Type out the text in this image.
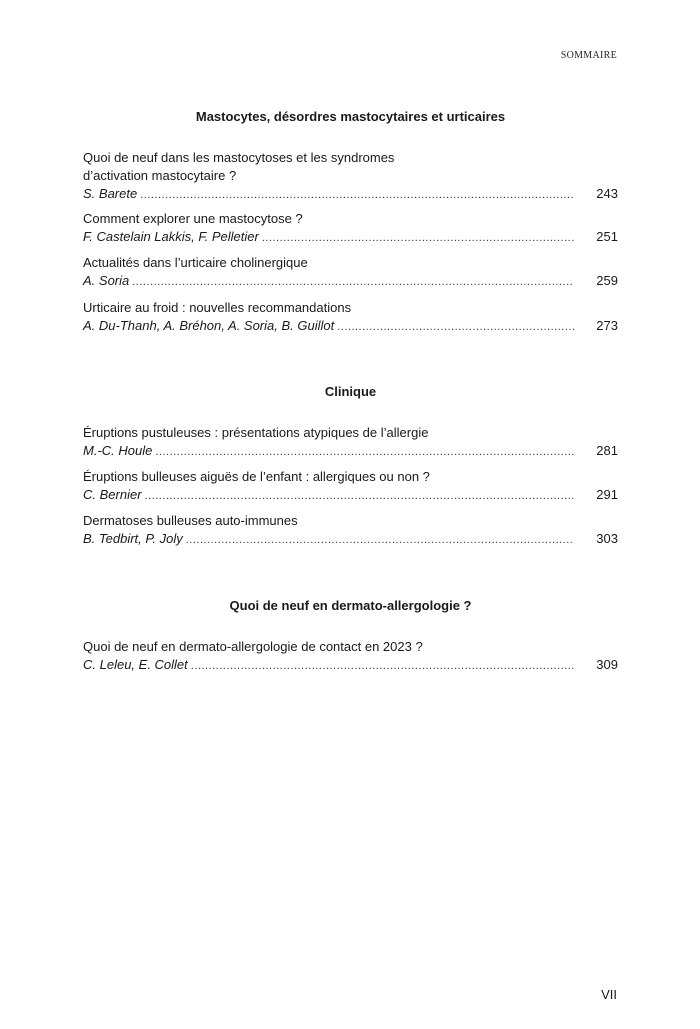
SOMMAIRE
Mastocytes, désordres mastocytaires et urticaires
Quoi de neuf dans les mastocytoses et les syndromes
d’activation mastocytaire ?
S. Barete .....	243
Comment explorer une mastocytose ?
F. Castelain Lakkis, F. Pelletier .....	251
Actualités dans l’urticaire cholinergique
A. Soria .....	259
Urticaire au froid : nouvelles recommandations
A. Du-Thanh, A. Bréhon, A. Soria, B. Guillot .....	273
Clinique
Éruptions pustuleuses : présentations atypiques de l’allergie
M.-C. Houle .....	281
Éruptions bulleuses aiguës de l’enfant : allergiques ou non ?
C. Bernier .....	291
Dermatoses bulleuses auto-immunes
B. Tedbirt, P. Joly .....	303
Quoi de neuf en dermato-allergologie ?
Quoi de neuf en dermato-allergologie de contact en 2023 ?
C. Leleu, E. Collet .....	309
VII
